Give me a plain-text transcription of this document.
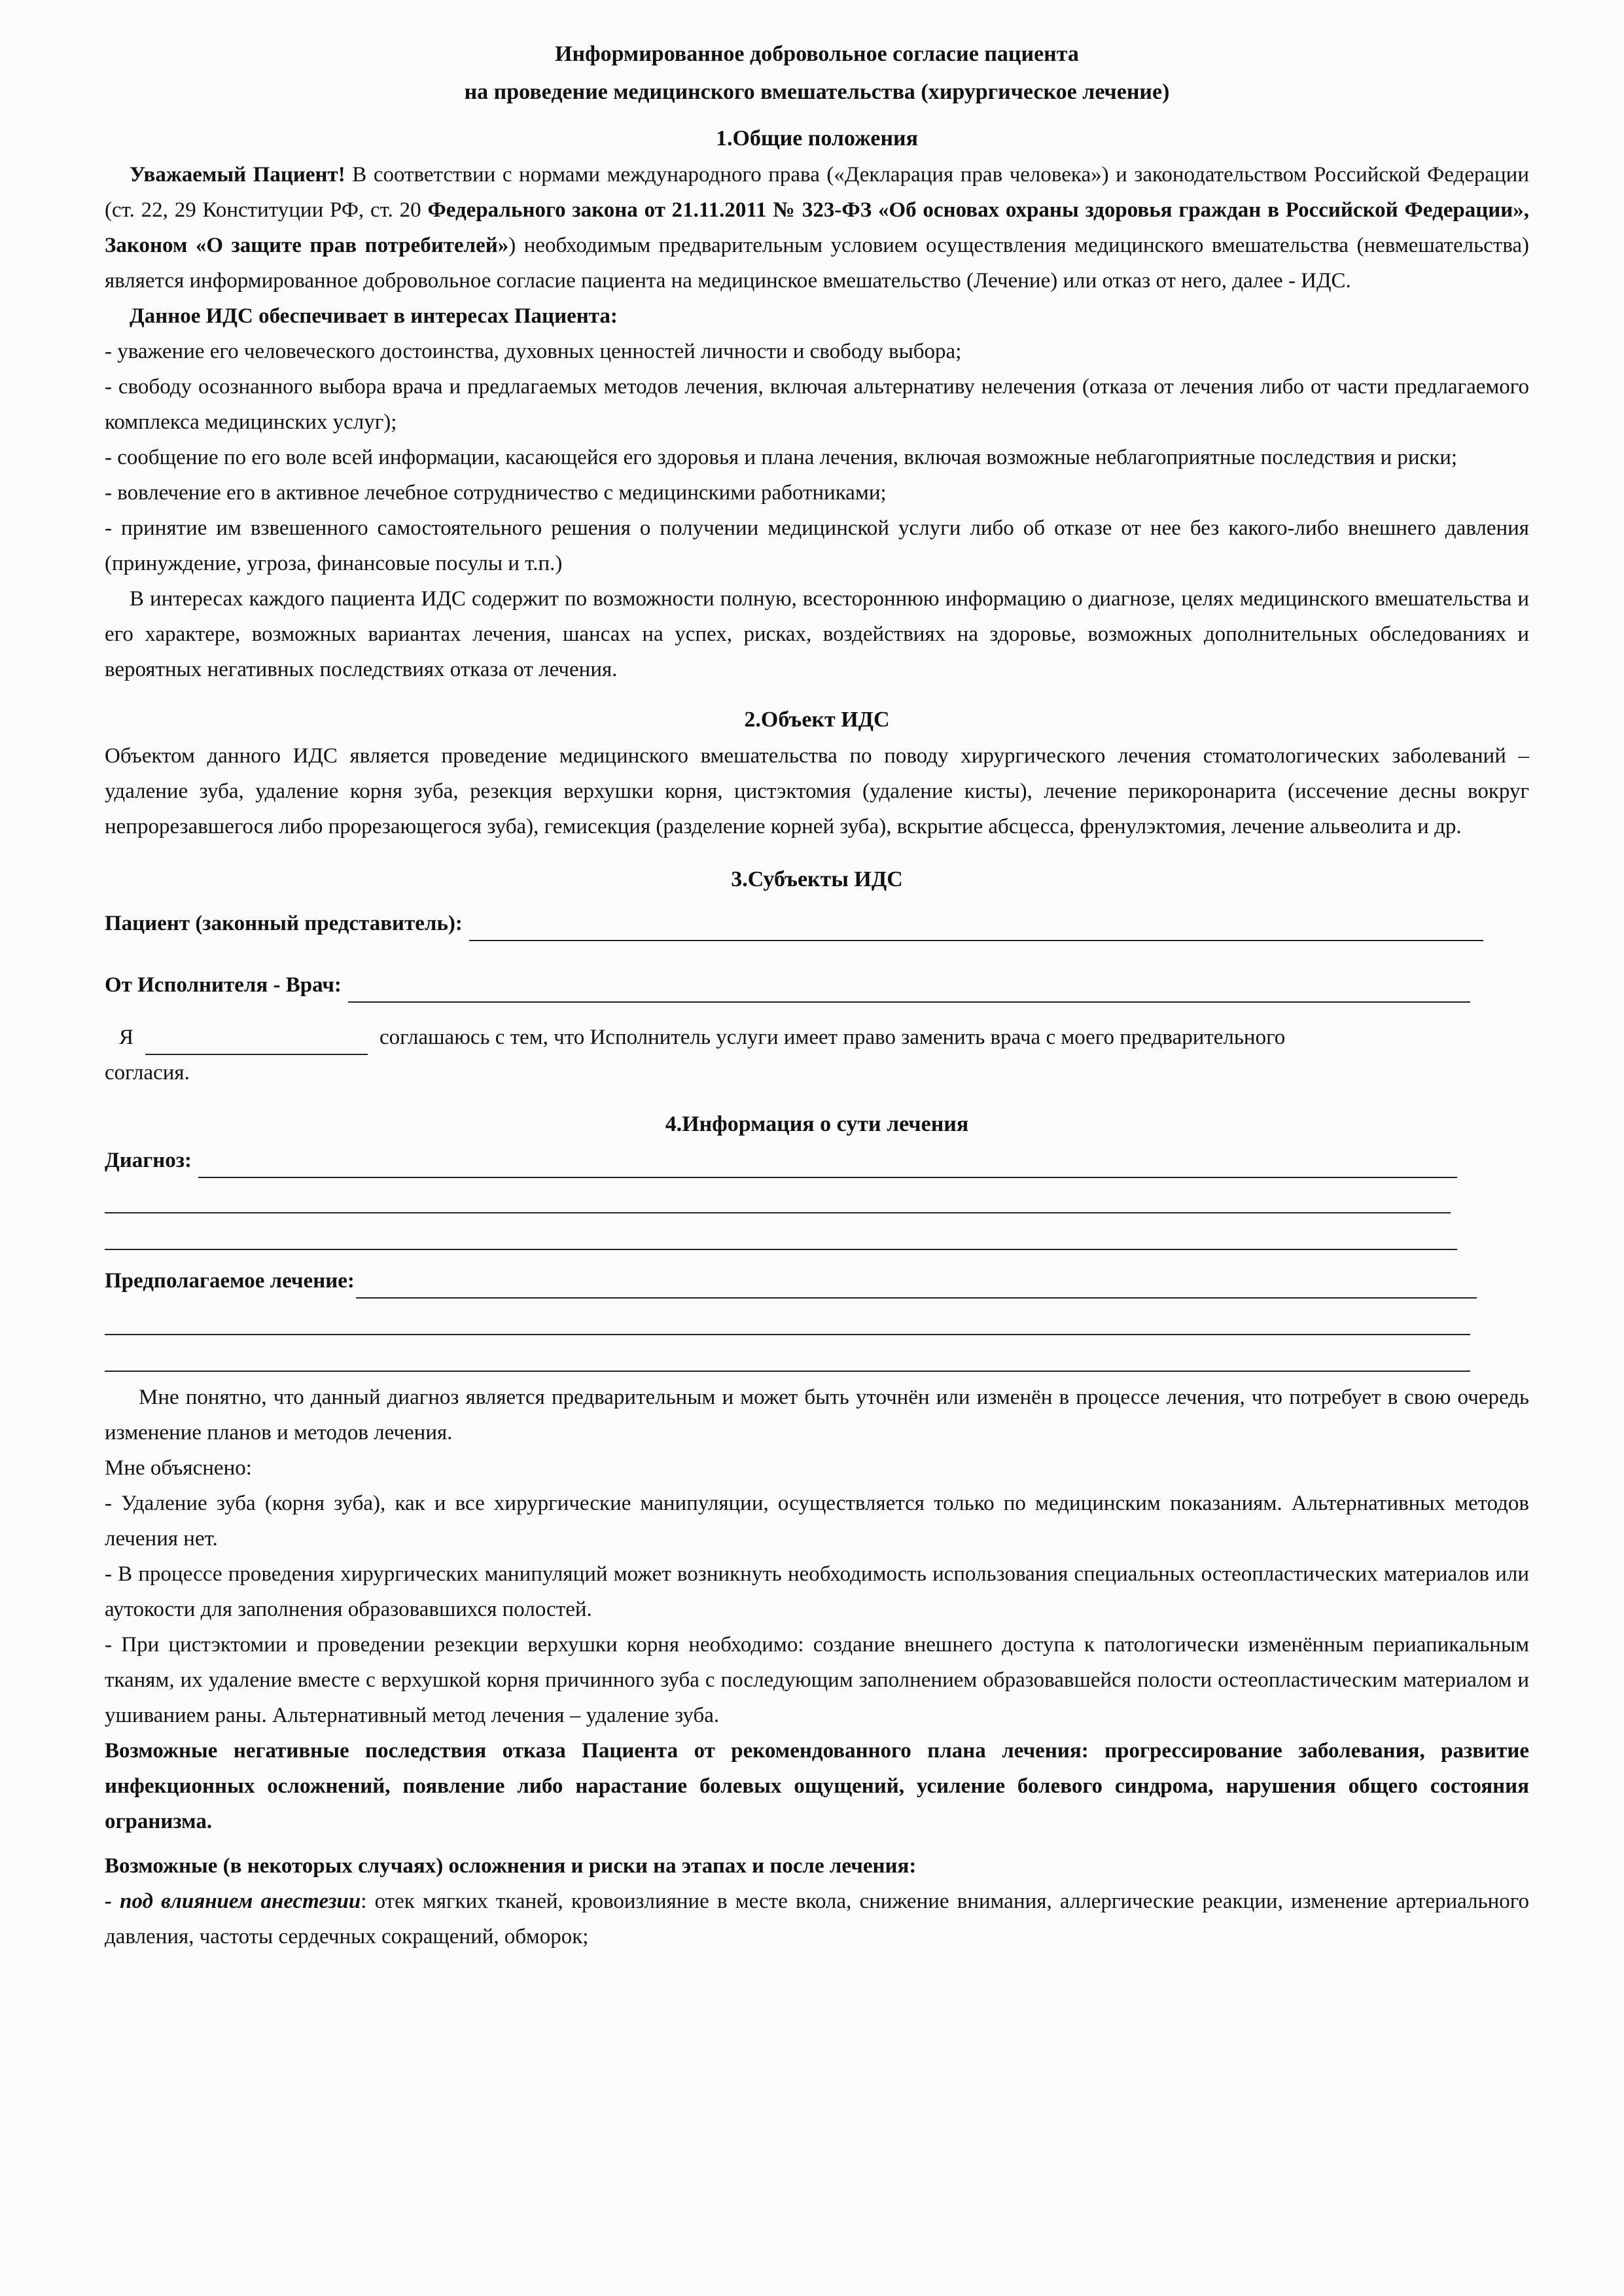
Информированное добровольное согласие пациента

на проведение медицинского вмешательства (хирургическое лечение)

1.Общие положения

Уважаемый Пациент! В соответствии с нормами международного права («Декларация прав человека») и законодательством Российской Федерации (ст. 22, 29 Конституции РФ, ст. 20 Федерального закона от 21.11.2011 № 323-ФЗ «Об основах охраны здоровья граждан в Российской Федерации», Законом «О защите прав потребителей») необходимым предварительным условием осуществления медицинского вмешательства (невмешательства) является информированное добровольное согласие пациента на медицинское вмешательство (Лечение) или отказ от него, далее - ИДС.

Данное ИДС обеспечивает в интересах Пациента:

- уважение его человеческого достоинства, духовных ценностей личности и свободу выбора;

- свободу осознанного выбора врача и предлагаемых методов лечения, включая альтернативу нелечения (отказа от лечения либо от части предлагаемого комплекса медицинских услуг);

- сообщение по его воле всей информации, касающейся его здоровья и плана лечения, включая возможные неблагоприятные последствия и риски;

- вовлечение его в активное лечебное сотрудничество с медицинскими работниками;

- принятие им взвешенного самостоятельного решения о получении медицинской услуги либо об отказе от нее без какого-либо внешнего давления (принуждение, угроза, финансовые посулы и т.п.)

В интересах каждого пациента ИДС содержит по возможности полную, всестороннюю информацию о диагнозе, целях медицинского вмешательства и его характере, возможных вариантах лечения, шансах на успех, рисках, воздействиях на здоровье, возможных дополнительных обследованиях и вероятных негативных последствиях отказа от лечения.

2.Объект ИДС

Объектом данного ИДС является проведение медицинского вмешательства по поводу хирургического лечения стоматологических заболеваний – удаление зуба, удаление корня зуба, резекция верхушки корня, цистэктомия (удаление кисты), лечение перикоронарита (иссечение десны вокруг непрорезавшегося либо прорезающегося зуба), гемисекция (разделение корней зуба), вскрытие абсцесса, френулэктомия, лечение альвеолита и др.

3.Субъекты ИДС
Пациент (законный представитель):
От Исполнителя - Врач:
Я	соглашаюсь с тем, что Исполнитель услуги имеет право заменить врача с моего предварительного

согласия.

4.Информация о сути лечения
Диагноз:
Предполагаемое лечение:

Мне понятно, что данный диагноз является предварительным и может быть уточнён или изменён в процессе лечения, что потребует в свою очередь изменение планов и методов лечения.

Мне объяснено:

- Удаление зуба (корня зуба), как и все хирургические манипуляции, осуществляется только по медицинским показаниям. Альтернативных методов лечения нет.

- В процессе проведения хирургических манипуляций может возникнуть необходимость использования специальных остеопластических материалов или аутокости для заполнения образовавшихся полостей.

- При цистэктомии и проведении резекции верхушки корня необходимо: создание внешнего доступа к патологически изменённым периапикальным тканям, их удаление вместе с верхушкой корня причинного зуба с последующим заполнением образовавшейся полости остеопластическим материалом и ушиванием раны. Альтернативный метод лечения – удаление зуба.

Возможные негативные последствия отказа Пациента от рекомендованного плана лечения: прогрессирование заболевания, развитие инфекционных осложнений, появление либо нарастание болевых ощущений, усиление болевого синдрома, нарушения общего состояния огранизма.

Возможные (в некоторых случаях) осложнения и риски на этапах и после лечения:

- под влиянием анестезии: отек мягких тканей, кровоизлияние в месте вкола, снижение внимания, аллергические реакции, изменение артериального давления, частоты сердечных сокращений, обморок;
